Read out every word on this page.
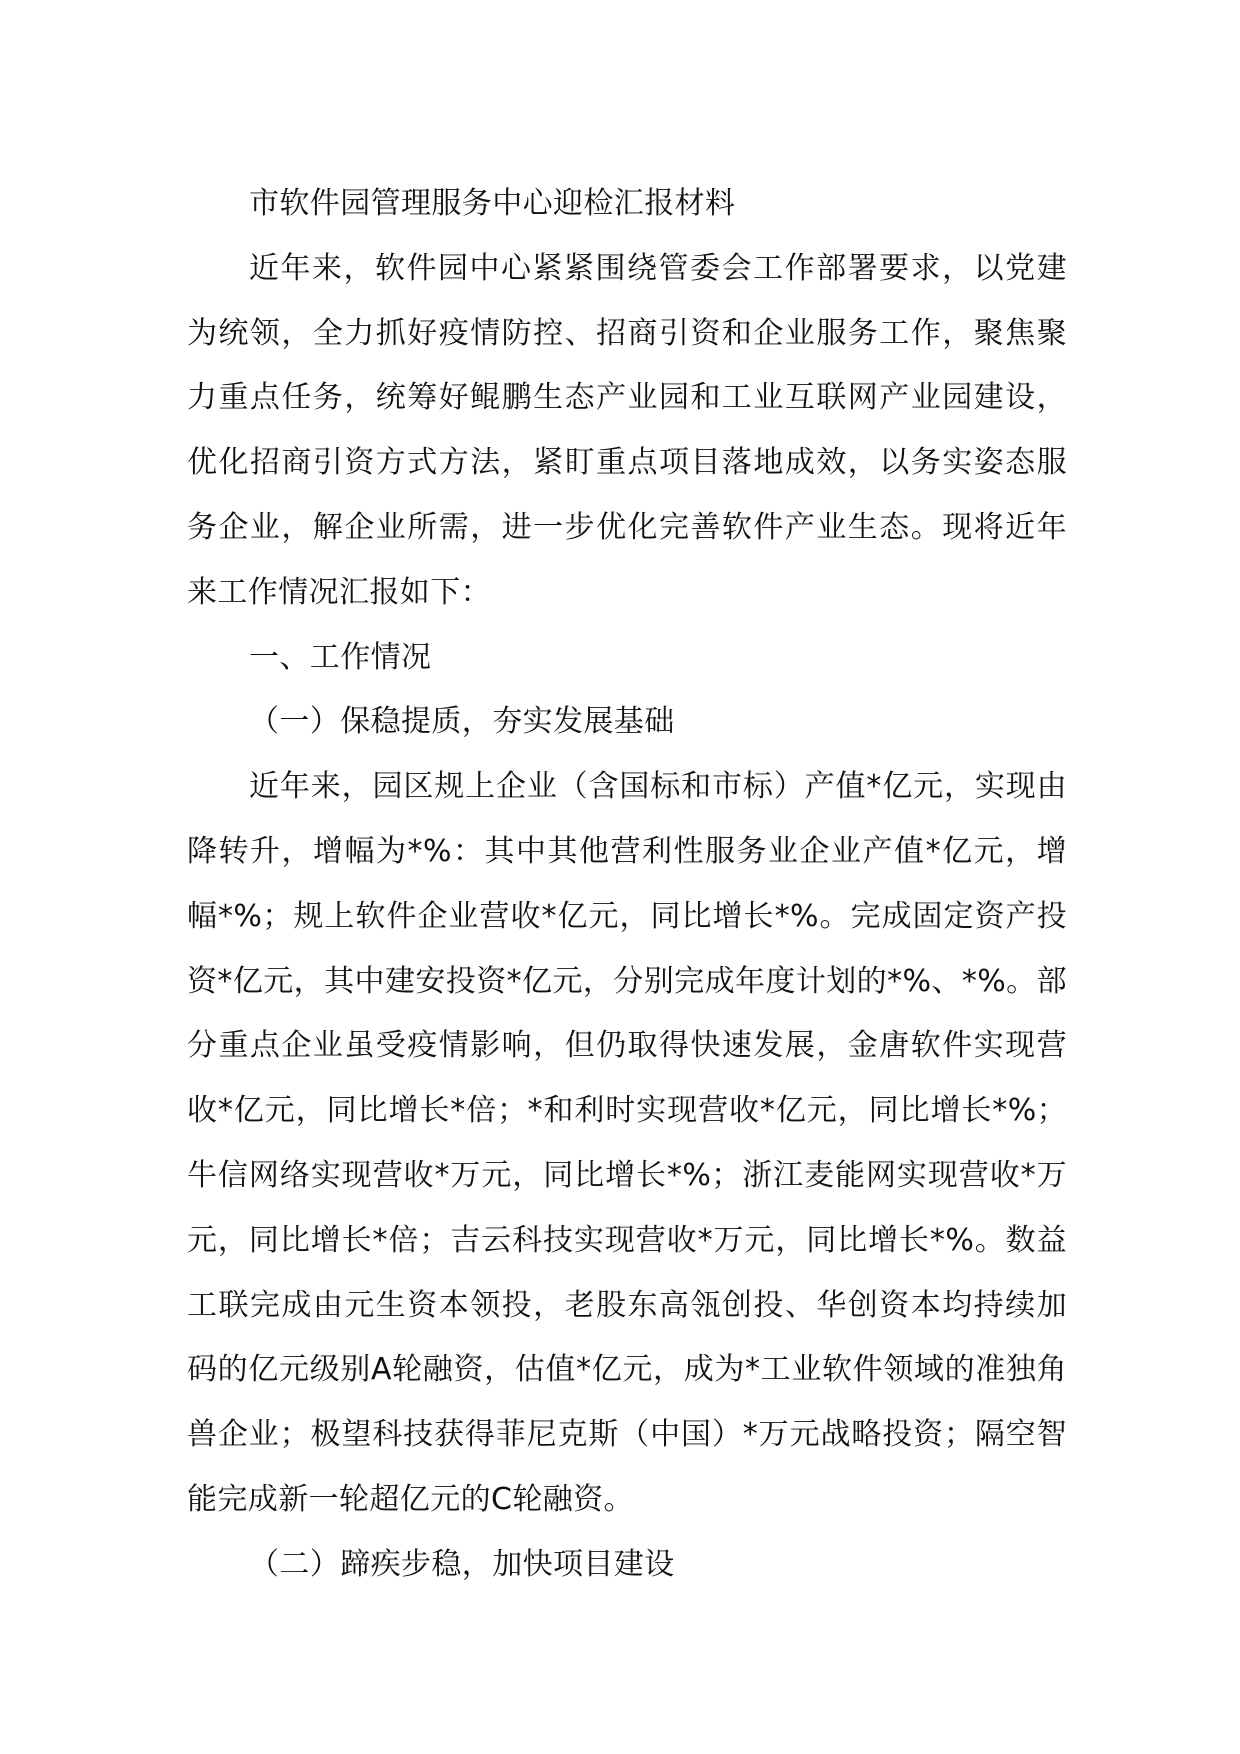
市软件园管理服务中心迎检汇报材料

近年来，软件园中心紧紧围绕管委会工作部署要求，以党建为统领，全力抓好疫情防控、招商引资和企业服务工作，聚焦聚力重点任务，统筹好鲲鹏生态产业园和工业互联网产业园建设，优化招商引资方式方法，紧盯重点项目落地成效，以务实姿态服务企业，解企业所需，进一步优化完善软件产业生态。现将近年来工作情况汇报如下：

一、工作情况

（一）保稳提质，夯实发展基础

近年来，园区规上企业（含国标和市标）产值*亿元，实现由降转升，增幅为*%：其中其他营利性服务业企业产值*亿元，增幅*%；规上软件企业营收*亿元，同比增长*%。完成固定资产投资*亿元，其中建安投资*亿元，分别完成年度计划的*%、*%。部分重点企业虽受疫情影响，但仍取得快速发展，金唐软件实现营收*亿元，同比增长*倍；*和利时实现营收*亿元，同比增长*%；牛信网络实现营收*万元，同比增长*%；浙江麦能网实现营收*万元，同比增长*倍；吉云科技实现营收*万元，同比增长*%。数益工联完成由元生资本领投，老股东高瓴创投、华创资本均持续加码的亿元级别A轮融资，估值*亿元，成为*工业软件领域的准独角兽企业；极望科技获得菲尼克斯（中国）*万元战略投资；隔空智能完成新一轮超亿元的C轮融资。

（二）蹄疾步稳，加快项目建设
